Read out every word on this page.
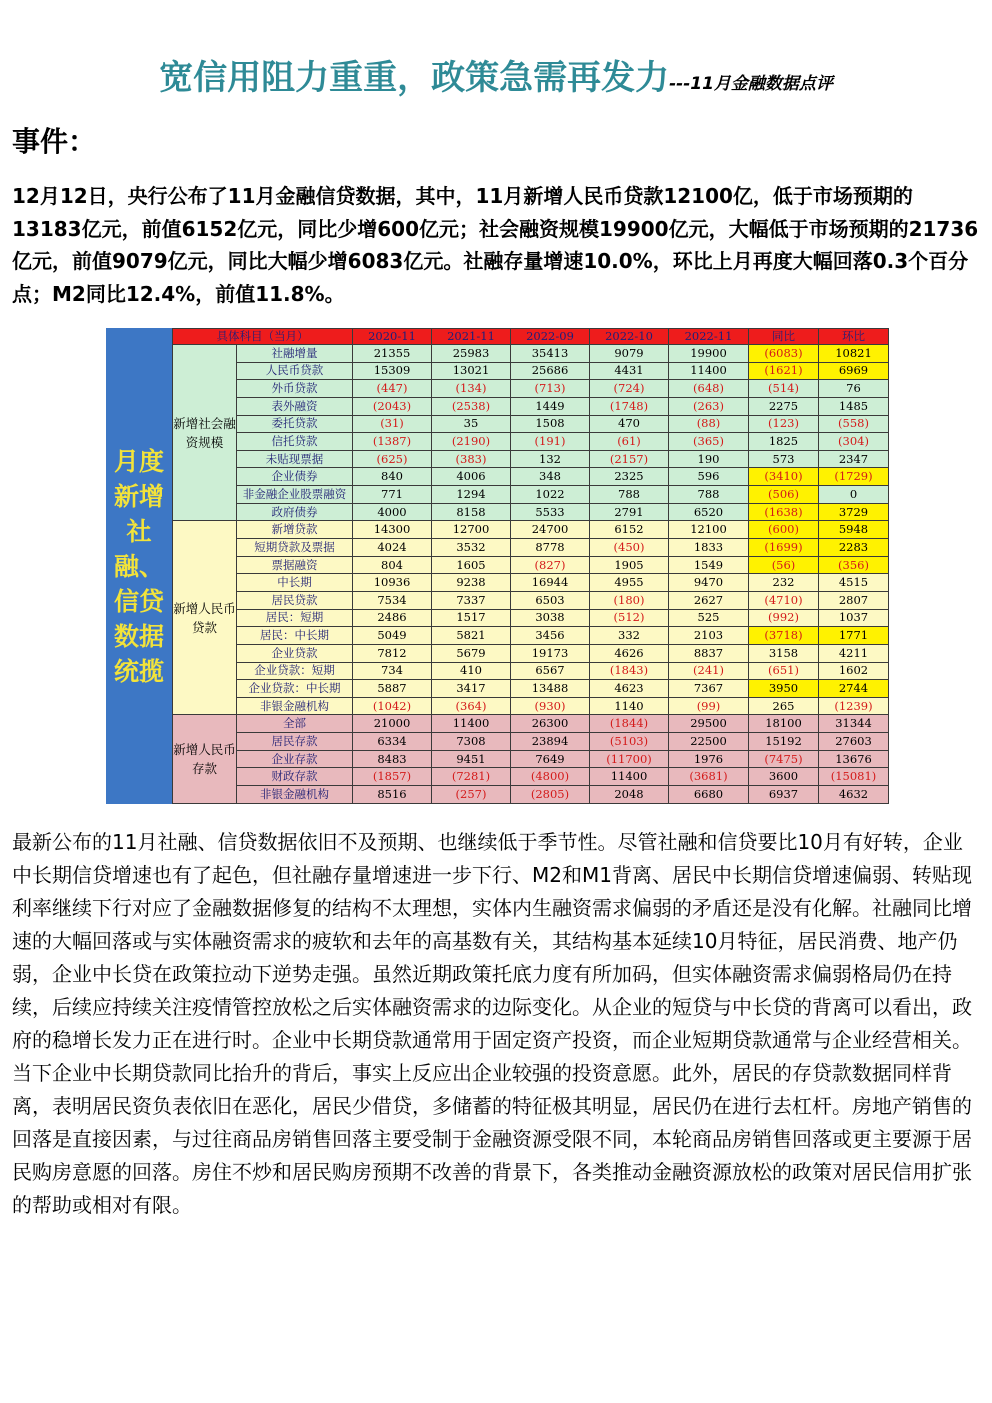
宽信用阻力重重，政策急需再发力---11月金融数据点评
事件：

12月12日，央行公布了11月金融信贷数据，其中，11月新增人民币贷款12100亿，低于市场预期的13183亿元，前值6152亿元，同比少增600亿元；社会融资规模19900亿元，大幅低于市场预期的21736亿元，前值9079亿元，同比大幅少增6083亿元。社融存量增速10.0%，环比上月再度大幅回落0.3个百分点；M2同比12.4%，前值11.8%。

月度新增社融、信贷数据统揽
具体科目（当月）		2020-11	2021-11	2022-09	2022-10	2022-11	同比	环比
新增社会融资规模	社融增量	21355	25983	35413	9079	19900	(6083)	10821
	人民币贷款	15309	13021	25686	4431	11400	(1621)	6969
	外币贷款	(447)	(134)	(713)	(724)	(648)	(514)	76
	表外融资	(2043)	(2538)	1449	(1748)	(263)	2275	1485
	委托贷款	(31)	35	1508	470	(88)	(123)	(558)
	信托贷款	(1387)	(2190)	(191)	(61)	(365)	1825	(304)
	未贴现票据	(625)	(383)	132	(2157)	190	573	2347
	企业债券	840	4006	348	2325	596	(3410)	(1729)
	非金融企业股票融资	771	1294	1022	788	788	(506)	0
	政府债券	4000	8158	5533	2791	6520	(1638)	3729
新增人民币贷款	新增贷款	14300	12700	24700	6152	12100	(600)	5948
	短期贷款及票据	4024	3532	8778	(450)	1833	(1699)	2283
	票据融资	804	1605	(827)	1905	1549	(56)	(356)
	中长期	10936	9238	16944	4955	9470	232	4515
	居民贷款	7534	7337	6503	(180)	2627	(4710)	2807
	居民：短期	2486	1517	3038	(512)	525	(992)	1037
	居民：中长期	5049	5821	3456	332	2103	(3718)	1771
	企业贷款	7812	5679	19173	4626	8837	3158	4211
	企业贷款：短期	734	410	6567	(1843)	(241)	(651)	1602
	企业贷款：中长期	5887	3417	13488	4623	7367	3950	2744
	非银金融机构	(1042)	(364)	(930)	1140	(99)	265	(1239)
新增人民币存款	全部	21000	11400	26300	(1844)	29500	18100	31344
	居民存款	6334	7308	23894	(5103)	22500	15192	27603
	企业存款	8483	9451	7649	(11700)	1976	(7475)	13676
	财政存款	(1857)	(7281)	(4800)	11400	(3681)	3600	(15081)
	非银金融机构	8516	(257)	(2805)	2048	6680	6937	4632

最新公布的11月社融、信贷数据依旧不及预期、也继续低于季节性。尽管社融和信贷要比10月有好转，企业中长期信贷增速也有了起色，但社融存量增速进一步下行、M2和M1背离、居民中长期信贷增速偏弱、转贴现利率继续下行对应了金融数据修复的结构不太理想，实体内生融资需求偏弱的矛盾还是没有化解。社融同比增速的大幅回落或与实体融资需求的疲软和去年的高基数有关，其结构基本延续10月特征，居民消费、地产仍弱，企业中长贷在政策拉动下逆势走强。虽然近期政策托底力度有所加码，但实体融资需求偏弱格局仍在持续，后续应持续关注疫情管控放松之后实体融资需求的边际变化。从企业的短贷与中长贷的背离可以看出，政府的稳增长发力正在进行时。企业中长期贷款通常用于固定资产投资，而企业短期贷款通常与企业经营相关。当下企业中长期贷款同比抬升的背后，事实上反应出企业较强的投资意愿。此外，居民的存贷款数据同样背离，表明居民资负表依旧在恶化，居民少借贷，多储蓄的特征极其明显，居民仍在进行去杠杆。房地产销售的回落是直接因素，与过往商品房销售回落主要受制于金融资源受限不同，本轮商品房销售回落或更主要源于居民购房意愿的回落。房住不炒和居民购房预期不改善的背景下，各类推动金融资源放松的政策对居民信用扩张的帮助或相对有限。
